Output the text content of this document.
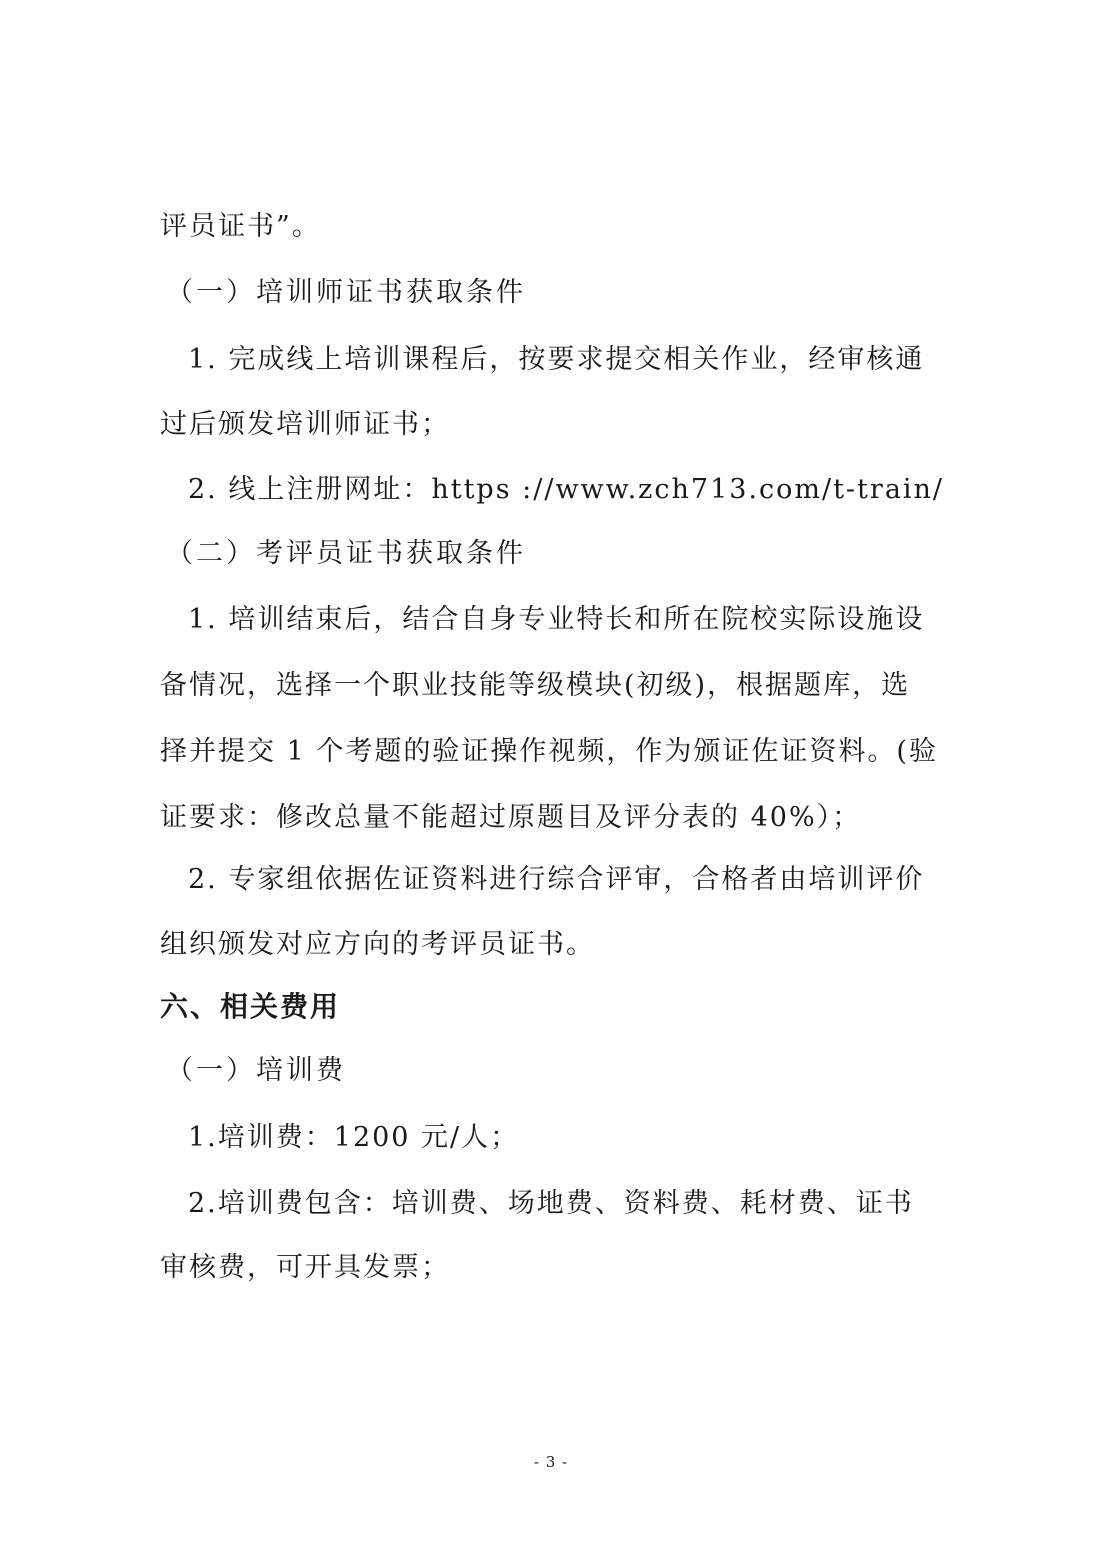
评员证书”。
（一）培训师证书获取条件
1. 完成线上培训课程后，按要求提交相关作业，经审核通
过后颁发培训师证书；
2. 线上注册网址：https ://www.zch713.com/t-train/
（二）考评员证书获取条件
1. 培训结束后，结合自身专业特长和所在院校实际设施设
备情况，选择一个职业技能等级模块(初级)，根据题库，选
择并提交 1 个考题的验证操作视频，作为颁证佐证资料。(验
证要求：修改总量不能超过原题目及评分表的 40%）；
2. 专家组依据佐证资料进行综合评审，合格者由培训评价
组织颁发对应方向的考评员证书。
六、相关费用
（一）培训费
1.培训费：1200 元/人；
2.培训费包含：培训费、场地费、资料费、耗材费、证书
审核费，可开具发票；
- 3 -
